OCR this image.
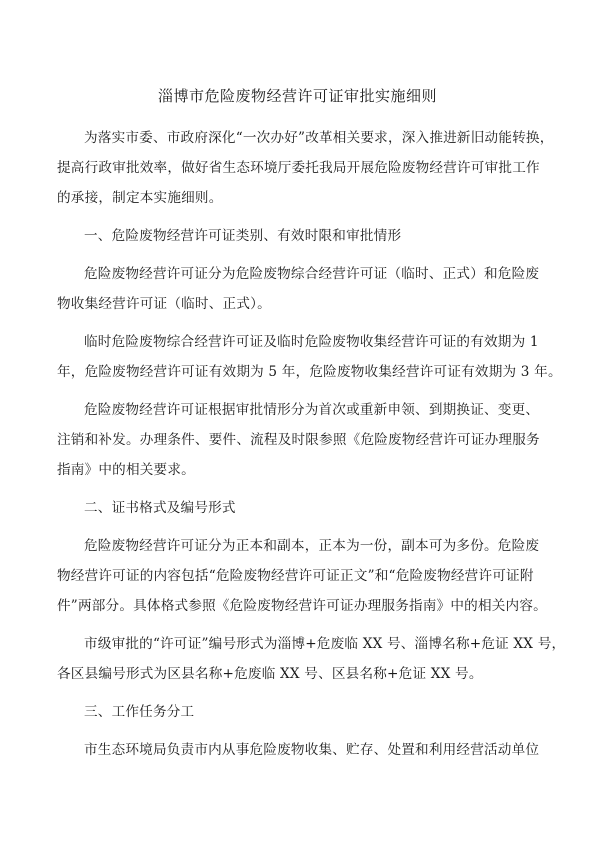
淄博市危险废物经营许可证审批实施细则
为落实市委、市政府深化“一次办好”改革相关要求，深入推进新旧动能转换，
提高行政审批效率，做好省生态环境厅委托我局开展危险废物经营许可审批工作
的承接，制定本实施细则。
一、危险废物经营许可证类别、有效时限和审批情形
危险废物经营许可证分为危险废物综合经营许可证（临时、正式）和危险废
物收集经营许可证（临时、正式）。
临时危险废物综合经营许可证及临时危险废物收集经营许可证的有效期为 1
年，危险废物经营许可证有效期为 5 年，危险废物收集经营许可证有效期为 3 年。
危险废物经营许可证根据审批情形分为首次或重新申领、到期换证、变更、
注销和补发。办理条件、要件、流程及时限参照《危险废物经营许可证办理服务
指南》中的相关要求。
二、证书格式及编号形式
危险废物经营许可证分为正本和副本，正本为一份，副本可为多份。危险废
物经营许可证的内容包括“危险废物经营许可证正文”和“危险废物经营许可证附
件”两部分。具体格式参照《危险废物经营许可证办理服务指南》中的相关内容。
市级审批的“许可证”编号形式为淄博+危废临 XX 号、淄博名称+危证 XX 号，
各区县编号形式为区县名称+危废临 XX 号、区县名称+危证 XX 号。
三、工作任务分工
市生态环境局负责市内从事危险废物收集、贮存、处置和利用经营活动单位
